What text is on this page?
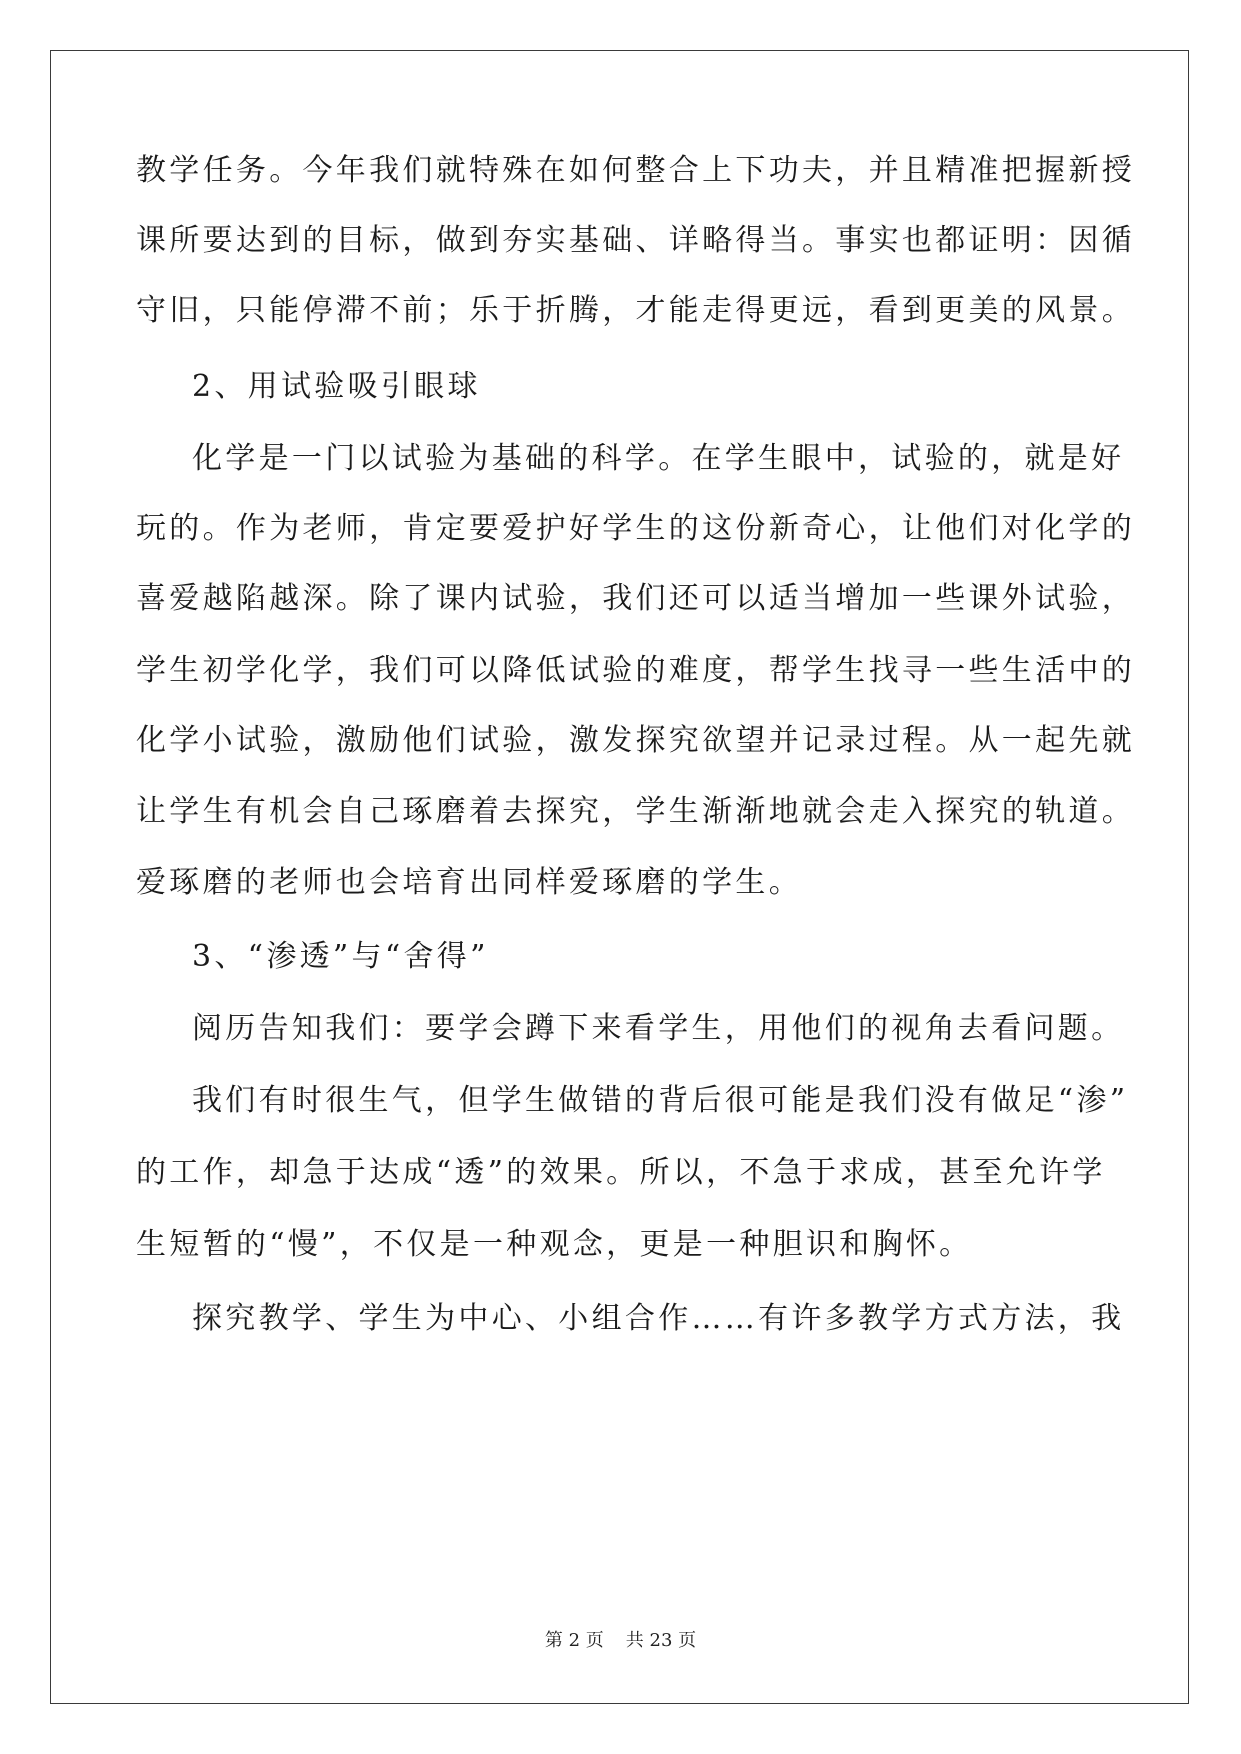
教学任务。今年我们就特殊在如何整合上下功夫，并且精准把握新授
课所要达到的目标，做到夯实基础、详略得当。事实也都证明：因循
守旧，只能停滞不前；乐于折腾，才能走得更远，看到更美的风景。
2、用试验吸引眼球
化学是一门以试验为基础的科学。在学生眼中，试验的，就是好
玩的。作为老师，肯定要爱护好学生的这份新奇心，让他们对化学的
喜爱越陷越深。除了课内试验，我们还可以适当增加一些课外试验，
学生初学化学，我们可以降低试验的难度，帮学生找寻一些生活中的
化学小试验，激励他们试验，激发探究欲望并记录过程。从一起先就
让学生有机会自己琢磨着去探究，学生渐渐地就会走入探究的轨道。
爱琢磨的老师也会培育出同样爱琢磨的学生。
3、“渗透”与“舍得”
阅历告知我们：要学会蹲下来看学生，用他们的视角去看问题。
我们有时很生气，但学生做错的背后很可能是我们没有做足“渗”
的工作，却急于达成“透”的效果。所以，不急于求成，甚至允许学
生短暂的“慢”，不仅是一种观念，更是一种胆识和胸怀。
探究教学、学生为中心、小组合作……有许多教学方式方法，我
第 2 页 共 23 页
